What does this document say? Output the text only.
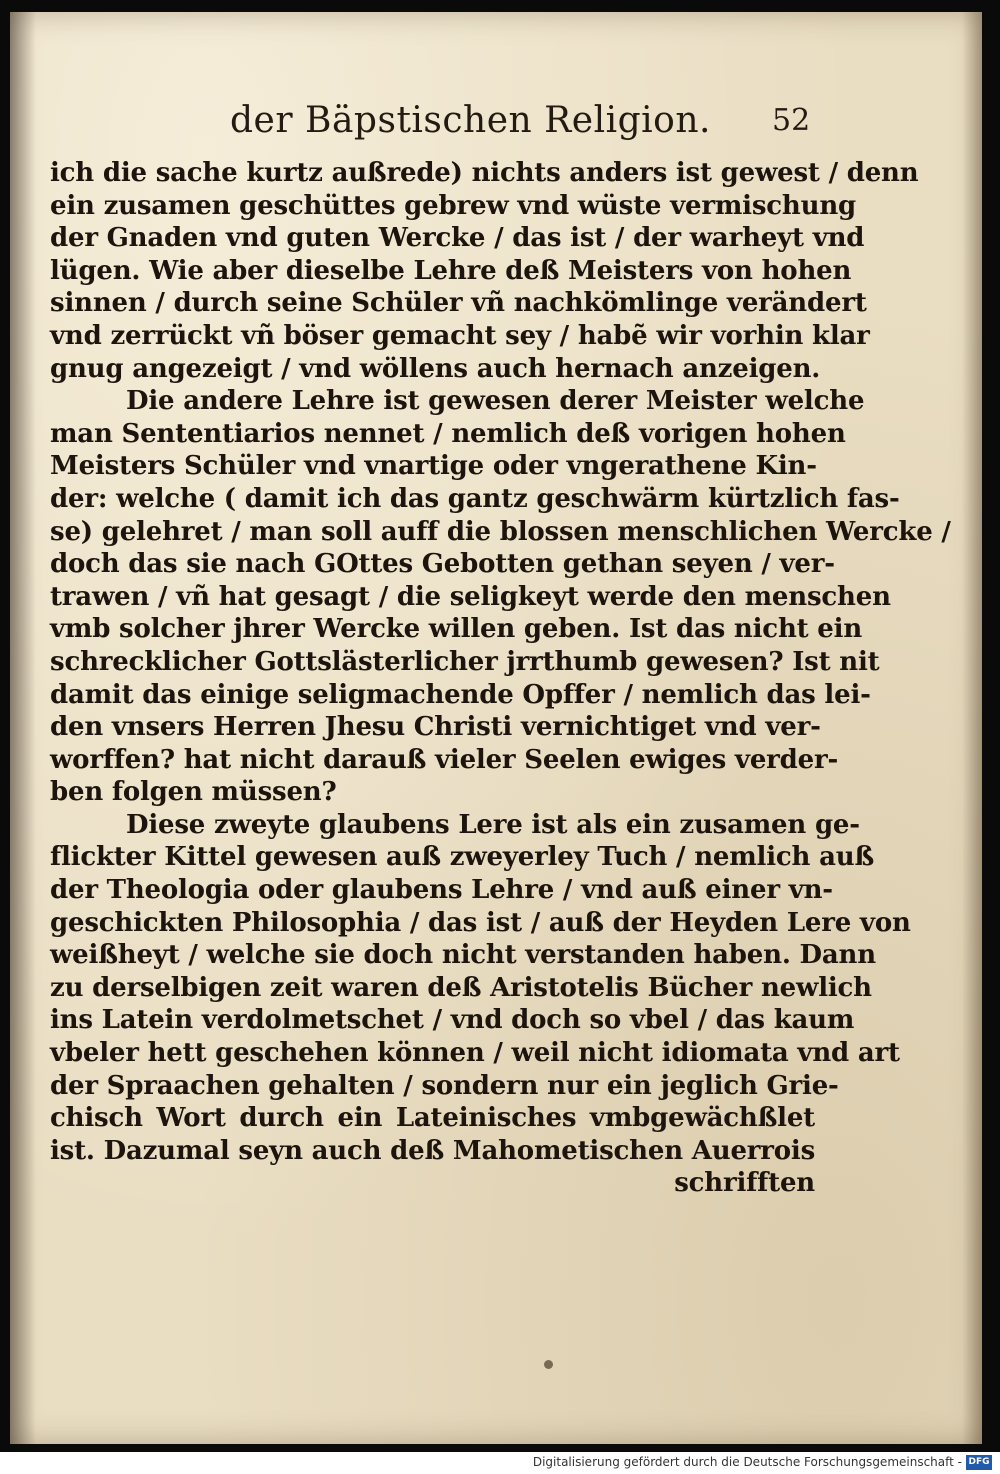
der Bäpstischen Religion. 52
ich die sache kurtz außrede) nichts anders ist gewest / denn
ein zusamen geschüttes gebrew vnd wüste vermischung
der Gnaden vnd guten Wercke / das ist / der warheyt vnd
lügen. Wie aber dieselbe Lehre deß Meisters von hohen
sinnen / durch seine Schüler vñ nachkömlinge verändert
vnd zerrückt vñ böser gemacht sey / habẽ wir vorhin klar
gnug angezeigt / vnd wöllens auch hernach anzeigen.
Die andere Lehre ist gewesen derer Meister welche
man Sententiarios nennet / nemlich deß vorigen hohen
Meisters Schüler vnd vnartige oder vngerathene Kin-
der: welche ( damit ich das gantz geschwärm kürtzlich fas-
se) gelehret / man soll auff die blossen menschlichen Wercke /
doch das sie nach GOttes Gebotten gethan seyen / ver-
trawen / vñ hat gesagt / die seligkeyt werde den menschen
vmb solcher jhrer Wercke willen geben. Ist das nicht ein
schrecklicher Gottslästerlicher jrrthumb gewesen? Ist nit
damit das einige seligmachende Opffer / nemlich das lei-
den vnsers Herren Jhesu Christi vernichtiget vnd ver-
worffen? hat nicht darauß vieler Seelen ewiges verder-
ben folgen müssen?
Diese zweyte glaubens Lere ist als ein zusamen ge-
flickter Kittel gewesen auß zweyerley Tuch / nemlich auß
der Theologia oder glaubens Lehre / vnd auß einer vn-
geschickten Philosophia / das ist / auß der Heyden Lere von
weißheyt / welche sie doch nicht verstanden haben. Dann
zu derselbigen zeit waren deß Aristotelis Bücher newlich
ins Latein verdolmetschet / vnd doch so vbel / das kaum
vbeler hett geschehen können / weil nicht idiomata vnd art
der Spraachen gehalten / sondern nur ein jeglich Grie-
chisch Wort durch ein Lateinisches vmbgewächßlet
ist. Dazumal seyn auch deß Mahometischen Auerrois
schrifften
Digitalisierung gefördert durch die Deutsche Forschungsgemeinschaft - DFG
